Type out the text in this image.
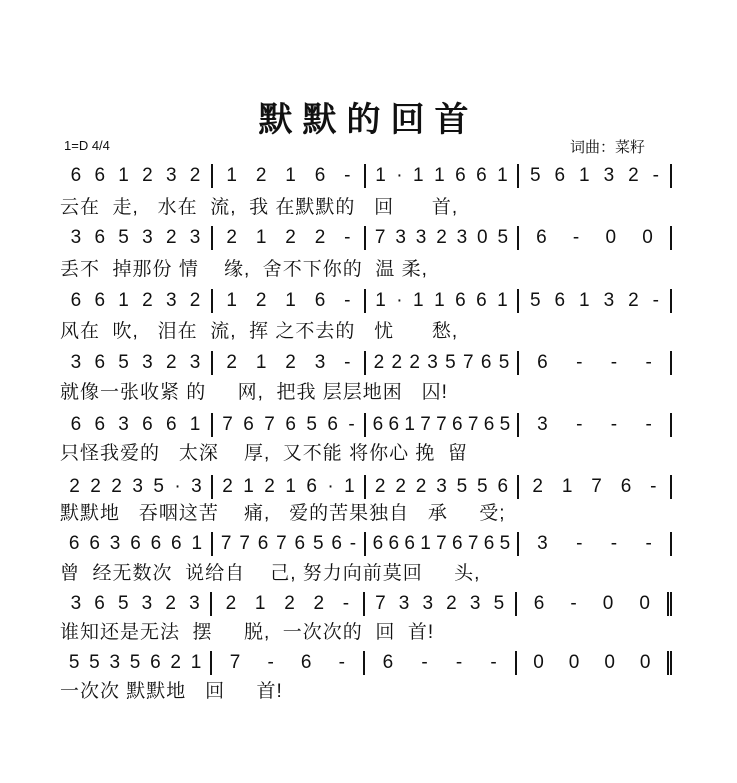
默默的回首
1=D 4/4	词曲：菜籽
6 6 1 2 3 2 1 2 1 6 - 1 · 1 1 6 6 1 5 6 1 3 2 -
云在  走,   水在  流,  我 在默默的   回      首,
3 6 5 3 2 3 2 1 2 2 - 7 3 3 2 3 0 5 6 - 0 0
丢不  掉那份 情    缘,  舍不下你的  温 柔,
6 6 1 2 3 2 1 2 1 6 - 1 · 1 1 6 6 1 5 6 1 3 2 -
风在  吹,   泪在  流,  挥 之不去的   忧      愁,
3 6 5 3 2 3 2 1 2 3 - 2 2 2 3 5 7 6 5 6 - - -
就像一张收紧 的     网,  把我 层层地困   囚!
6 6 3 6 6 1 7 6 7 6 5 6 - 6 6 1 7 7 6 7 6 5 3 - - -
只怪我爱的   太深    厚,  又不能 将你心 挽  留
2 2 2 3 5 · 3 2 1 2 1 6 · 1 2 2 2 3 5 5 6 2 1 7 6 -
默默地   吞咽这苦    痛,   爱的苦果独自   承     受;
6 6 3 6 6 6 1 7 7 6 7 6 5 6 - 6 6 6 1 7 6 7 6 5 3 - - -
曾  经无数次  说给自    己, 努力向前莫回     头,
3 6 5 3 2 3 2 1 2 2 - 7 3 3 2 3 5 6 - 0 0
谁知还是无法  摆     脱,  一次次的  回  首!
5 5 3 5 6 2 1 7 - 6 - 6 - - - 0 0 0 0
一次次 默默地   回     首!
